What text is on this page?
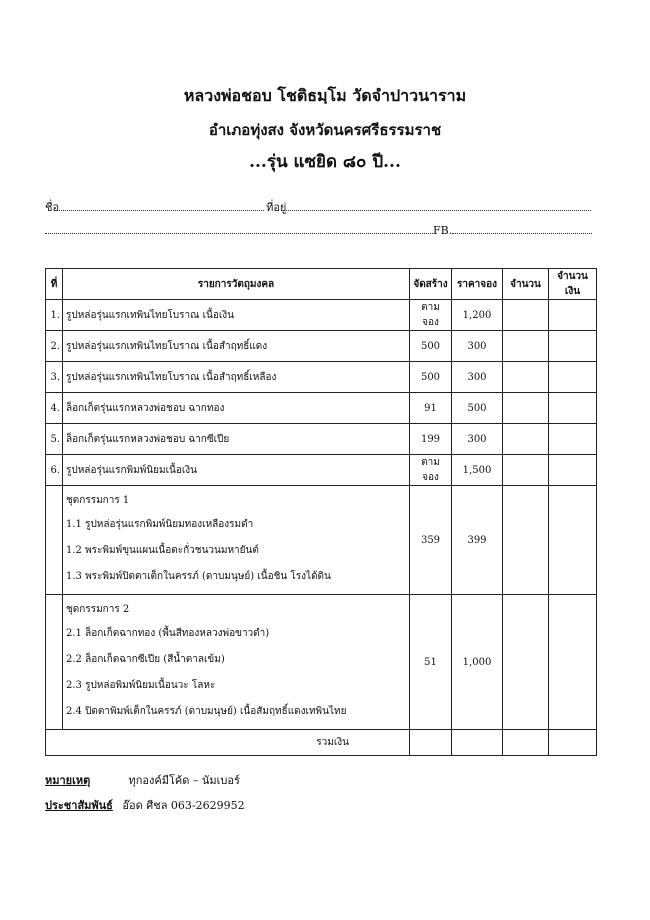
หลวงพ่อชอบ โชติธมฺโม วัดจำปาวนาราม
อำเภอทุ่งสง จังหวัดนครศรีธรรมราช
...รุ่น แซยิด ๘๐ ปี...
ชื่อ	ที่อยู่
FB.
ที่	รายการวัตถุมงคล	จัดสร้าง	ราคาจอง	จำนวน	จำนวนเงิน
1.	รูปหล่อรุ่นแรกเทพินไทยโบราณ เนื้อเงิน	ตามจอง	1,200		
2.	รูปหล่อรุ่นแรกเทพินไทยโบราณ เนื้อสำฤทธิ์แดง	500	300		
3.	รูปหล่อรุ่นแรกเทพินไทยโบราณ เนื้อสำฤทธิ์เหลือง	500	300		
4.	ล็อกเก็ตรุ่นแรกหลวงพ่อชอบ ฉากทอง	91	500		
5.	ล็อกเก็ตรุ่นแรกหลวงพ่อชอบ ฉากซีเปีย	199	300		
6.	รูปหล่อรุ่นแรกพิมพ์นิยมเนื้อเงิน	ตามจอง	1,500		

	ชุดกรรมการ 1
1.1 รูปหล่อรุ่นแรกพิมพ์นิยมทองเหลืองรมดำ
1.2 พระพิมพ์ขุนแผนเนื้อตะกั่วชนวนมหายันต์
1.3 พระพิมพ์ปิดตาเต็กในครรภ์ (ดาบมนุษย์) เนื้อชิน โรงได้ดิน	359	399		

	ชุดกรรมการ 2
2.1 ล็อกเก็ตฉากทอง (พื้นสีทองหลวงพ่อขาวดำ)
2.2 ล็อกเก็ตฉากซีเปีย (สีน้ำตาลเข้ม)
2.3 รูปหล่อพิมพ์นิยมเนื้อนวะ โลหะ
2.4 ปิดตาพิมพ์เต็กในครรภ์ (ดาบมนุษย์) เนื้อสัมฤทธิ์แดงเทพินไทย	51	1,000		
รวมเงิน					
หมายเหตุ	ทุกองค์มีโค้ด – นัมเบอร์
ประชาสัมพันธ์ อ๊อด ศีชล 063-2629952
